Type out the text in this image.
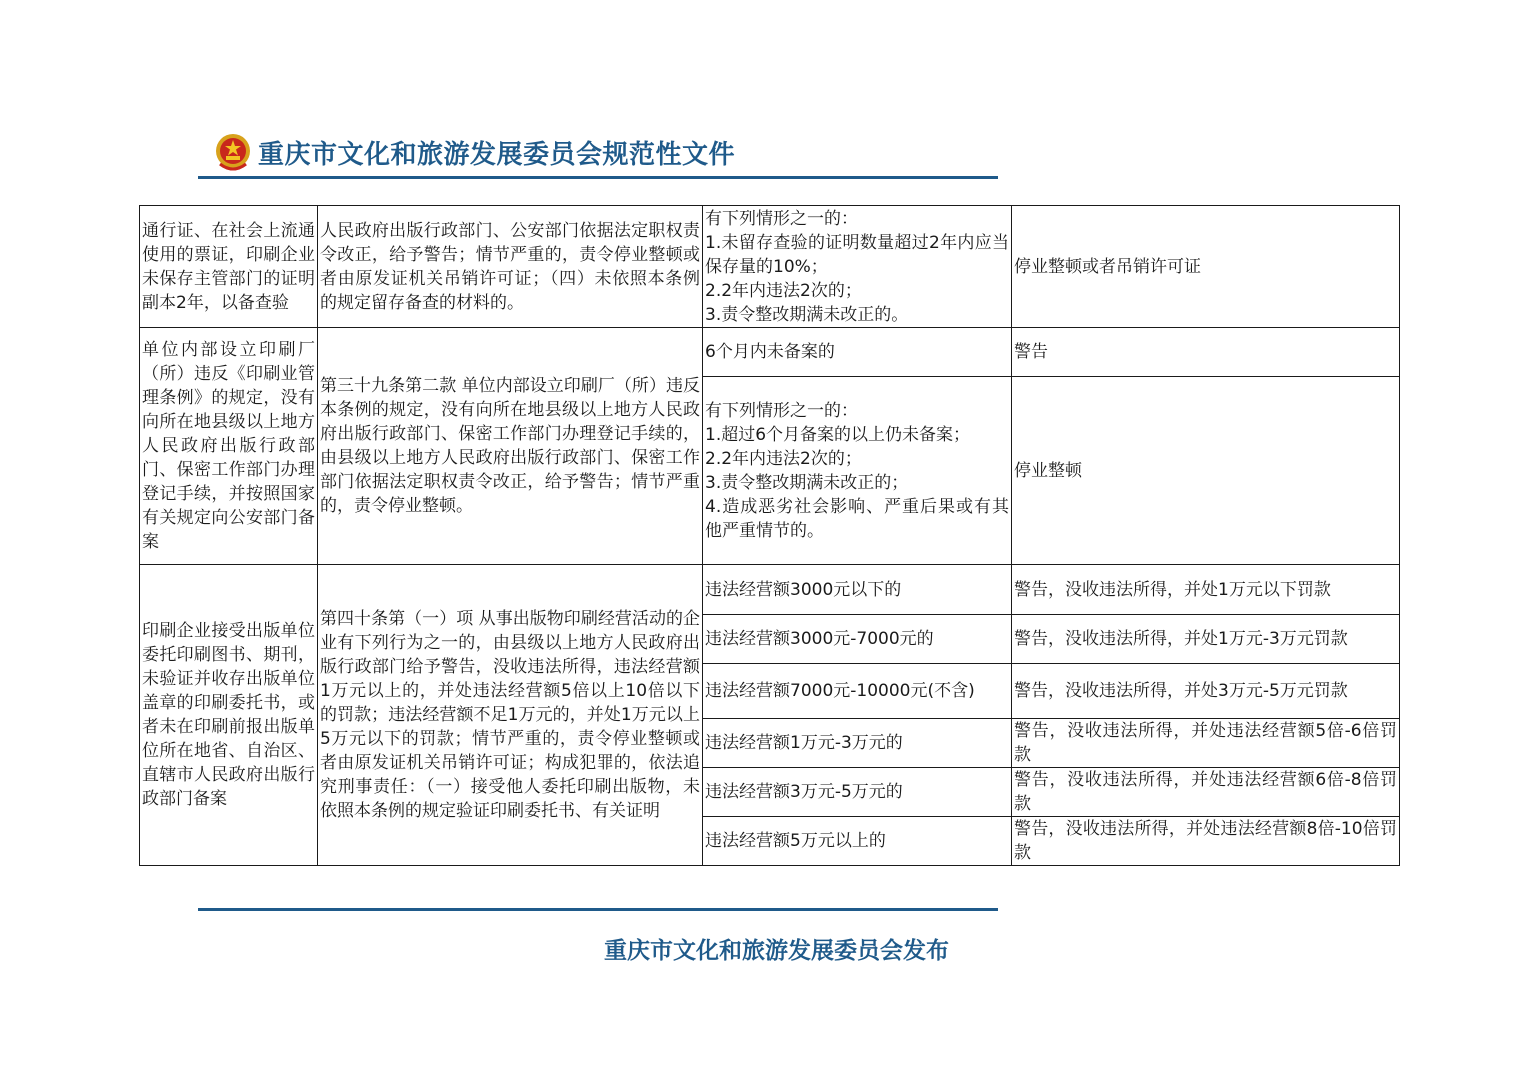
重庆市文化和旅游发展委员会规范性文件
通行证、在社会上流通使用的票证，印刷企业未保存主管部门的证明副本2年，以备查验	人民政府出版行政部门、公安部门依据法定职权责令改正，给予警告；情节严重的，责令停业整顿或者由原发证机关吊销许可证；（四）未依照本条例的规定留存备查的材料的。	有下列情形之一的：
1.未留存查验的证明数量超过2年内应当保存量的10%；
2.2年内违法2次的；
3.责令整改期满未改正的。	停业整顿或者吊销许可证
单位内部设立印刷厂（所）违反《印刷业管理条例》的规定，没有向所在地县级以上地方人民政府出版行政部门、保密工作部门办理登记手续，并按照国家有关规定向公安部门备案	第三十九条第二款 单位内部设立印刷厂（所）违反本条例的规定，没有向所在地县级以上地方人民政府出版行政部门、保密工作部门办理登记手续的，由县级以上地方人民政府出版行政部门、保密工作部门依据法定职权责令改正，给予警告；情节严重的，责令停业整顿。	6个月内未备案的	警告

		有下列情形之一的：
1.超过6个月备案的以上仍未备案；
2.2年内违法2次的；
3.责令整改期满未改正的；
4.造成恶劣社会影响、严重后果或有其他严重情节的。	停业整顿
印刷企业接受出版单位委托印刷图书、期刊，未验证并收存出版单位盖章的印刷委托书，或者未在印刷前报出版单位所在地省、自治区、直辖市人民政府出版行政部门备案	第四十条第（一）项 从事出版物印刷经营活动的企业有下列行为之一的，由县级以上地方人民政府出版行政部门给予警告，没收违法所得，违法经营额1万元以上的，并处违法经营额5倍以上10倍以下的罚款；违法经营额不足1万元的，并处1万元以上5万元以下的罚款；情节严重的，责令停业整顿或者由原发证机关吊销许可证；构成犯罪的，依法追究刑事责任：（一）接受他人委托印刷出版物，未依照本条例的规定验证印刷委托书、有关证明	违法经营额3000元以下的	警告，没收违法所得，并处1万元以下罚款
		违法经营额3000元-7000元的	警告，没收违法所得，并处1万元-3万元罚款
		违法经营额7000元-10000元(不含)	警告，没收违法所得，并处3万元-5万元罚款
		违法经营额1万元-3万元的	警告，没收违法所得，并处违法经营额5倍-6倍罚款
		违法经营额3万元-5万元的	警告，没收违法所得，并处违法经营额6倍-8倍罚款
		违法经营额5万元以上的	警告，没收违法所得，并处违法经营额8倍-10倍罚款
重庆市文化和旅游发展委员会发布
